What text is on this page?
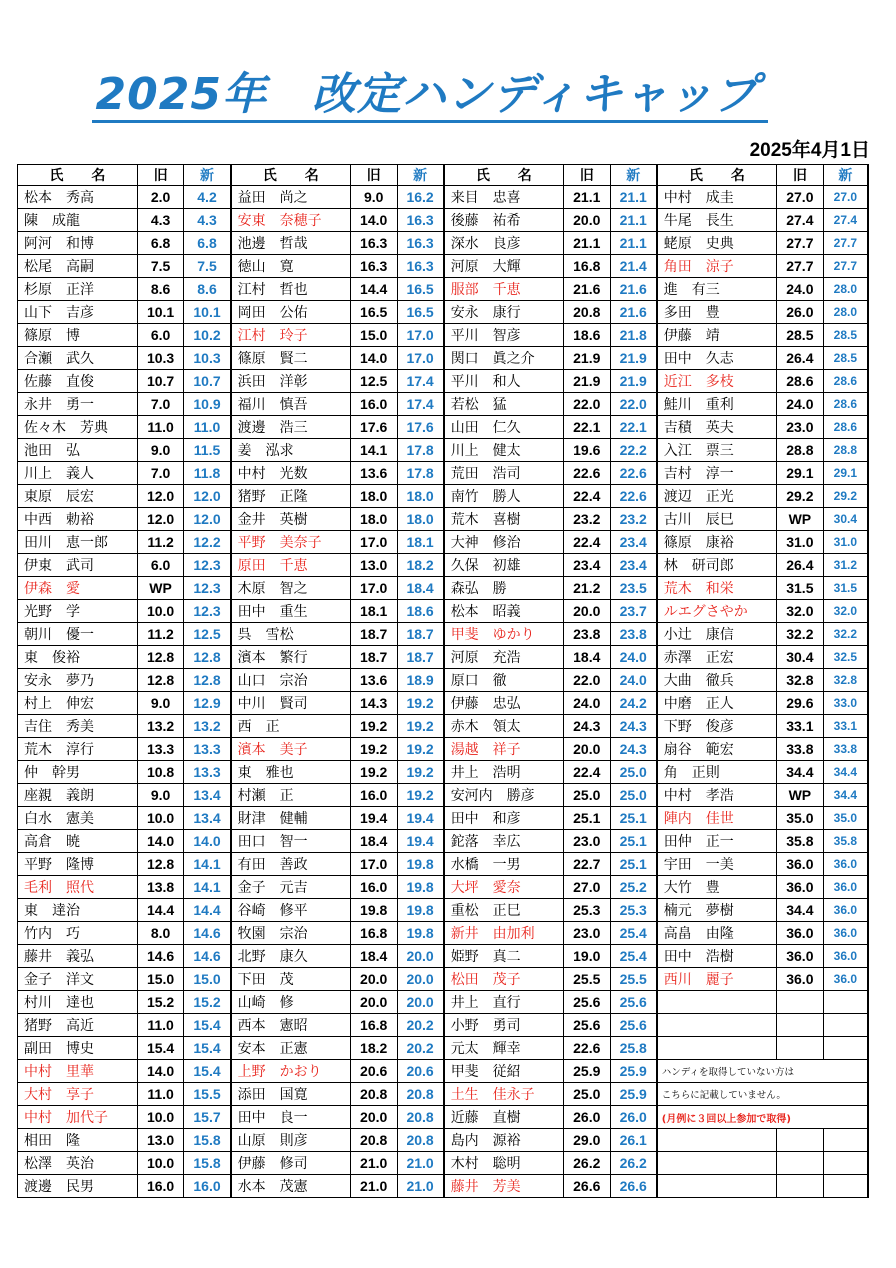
2025年　改定ハンディキャップ
2025年4月1日
氏　　名	旧	新	氏　　名	旧	新	氏　　名	旧	新	氏　　名	旧	新
松本　秀高	2.0	4.2	益田　尚之	9.0	16.2	来目　忠喜	21.1	21.1	中村　成圭	27.0	27.0
陳　成龍	4.3	4.3	安東　奈穂子	14.0	16.3	後藤　祐希	20.0	21.1	牛尾　長生	27.4	27.4
阿河　和博	6.8	6.8	池邊　哲哉	16.3	16.3	深水　良彦	21.1	21.1	蛯原　史典	27.7	27.7
松尾　高嗣	7.5	7.5	徳山　寛	16.3	16.3	河原　大輝	16.8	21.4	角田　涼子	27.7	27.7
杉原　正洋	8.6	8.6	江村　哲也	14.4	16.5	服部　千恵	21.6	21.6	進　有三	24.0	28.0
山下　吉彦	10.1	10.1	岡田　公佑	16.5	16.5	安永　康行	20.8	21.6	多田　豊	26.0	28.0
篠原　博	6.0	10.2	江村　玲子	15.0	17.0	平川　智彦	18.6	21.8	伊藤　靖	28.5	28.5
合瀬　武久	10.3	10.3	篠原　賢二	14.0	17.0	関口　眞之介	21.9	21.9	田中　久志	26.4	28.5
佐藤　直俊	10.7	10.7	浜田　洋彰	12.5	17.4	平川　和人	21.9	21.9	近江　多枝	28.6	28.6
永井　勇一	7.0	10.9	福川　慎吾	16.0	17.4	若松　猛	22.0	22.0	鮭川　重利	24.0	28.6
佐々木　芳典	11.0	11.0	渡邊　浩三	17.6	17.6	山田　仁久	22.1	22.1	吉積　英夫	23.0	28.6
池田　弘	9.0	11.5	姜　泓求	14.1	17.8	川上　健太	19.6	22.2	入江　票三	28.8	28.8
川上　義人	7.0	11.8	中村　光数	13.6	17.8	荒田　浩司	22.6	22.6	吉村　淳一	29.1	29.1
東原　辰宏	12.0	12.0	猪野　正隆	18.0	18.0	南竹　勝人	22.4	22.6	渡辺　正光	29.2	29.2
中西　勅裕	12.0	12.0	金井　英樹	18.0	18.0	荒木　喜樹	23.2	23.2	古川　辰巳	WP	30.4
田川　恵一郎	11.2	12.2	平野　美奈子	17.0	18.1	大神　修治	22.4	23.4	篠原　康裕	31.0	31.0
伊東　武司	6.0	12.3	原田　千恵	13.0	18.2	久保　初雄	23.4	23.4	林　研司郎	26.4	31.2
伊森　愛	WP	12.3	木原　智之	17.0	18.4	森弘　勝	21.2	23.5	荒木　和栄	31.5	31.5
光野　学	10.0	12.3	田中　重生	18.1	18.6	松本　昭義	20.0	23.7	ルエグさやか	32.0	32.0
朝川　優一	11.2	12.5	呉　雪松	18.7	18.7	甲斐　ゆかり	23.8	23.8	小辻　康信	32.2	32.2
東　俊裕	12.8	12.8	濱本　繁行	18.7	18.7	河原　充浩	18.4	24.0	赤澤　正宏	30.4	32.5
安永　夢乃	12.8	12.8	山口　宗治	13.6	18.9	原口　徹	22.0	24.0	大曲　徹兵	32.8	32.8
村上　伸宏	9.0	12.9	中川　賢司	14.3	19.2	伊藤　忠弘	24.0	24.2	中磨　正人	29.6	33.0
吉住　秀美	13.2	13.2	西　正	19.2	19.2	赤木　領太	24.3	24.3	下野　俊彦	33.1	33.1
荒木　淳行	13.3	13.3	濱本　美子	19.2	19.2	湯越　祥子	20.0	24.3	扇谷　範宏	33.8	33.8
仲　幹男	10.8	13.3	東　雅也	19.2	19.2	井上　浩明	22.4	25.0	角　正則	34.4	34.4
座親　義朗	9.0	13.4	村瀬　正	16.0	19.2	安河内　勝彦	25.0	25.0	中村　孝浩	WP	34.4
白水　憲美	10.0	13.4	財津　健輔	19.4	19.4	田中　和彦	25.1	25.1	陣内　佳世	35.0	35.0
高倉　暁	14.0	14.0	田口　智一	18.4	19.4	鉈落　幸広	23.0	25.1	田仲　正一	35.8	35.8
平野　隆博	12.8	14.1	有田　善政	17.0	19.8	水橋　一男	22.7	25.1	宇田　一美	36.0	36.0
毛利　照代	13.8	14.1	金子　元吉	16.0	19.8	大坪　愛奈	27.0	25.2	大竹　豊	36.0	36.0
東　達治	14.4	14.4	谷崎　修平	19.8	19.8	重松　正巳	25.3	25.3	楠元　夢樹	34.4	36.0
竹内　巧	8.0	14.6	牧園　宗治	16.8	19.8	新井　由加利	23.0	25.4	高畠　由隆	36.0	36.0
藤井　義弘	14.6	14.6	北野　康久	18.4	20.0	姫野　真二	19.0	25.4	田中　浩樹	36.0	36.0
金子　洋文	15.0	15.0	下田　茂	20.0	20.0	松田　茂子	25.5	25.5	西川　麗子	36.0	36.0
村川　達也	15.2	15.2	山崎　修	20.0	20.0	井上　直行	25.6	25.6			
猪野　高近	11.0	15.4	西本　憲昭	16.8	20.2	小野　勇司	25.6	25.6			
副田　博史	15.4	15.4	安本　正憲	18.2	20.2	元太　輝幸	22.6	25.8			
中村　里華	14.0	15.4	上野　かおり	20.6	20.6	甲斐　従紹	25.9	25.9	ハンディを取得していない方は		
大村　享子	11.0	15.5	添田　国寛	20.8	20.8	土生　佳永子	25.0	25.9	こちらに記載していません。		
中村　加代子	10.0	15.7	田中　良一	20.0	20.8	近藤　直樹	26.0	26.0	(月例に３回以上参加で取得)		
相田　隆	13.0	15.8	山原　則彦	20.8	20.8	島内　源裕	29.0	26.1			
松澤　英治	10.0	15.8	伊藤　修司	21.0	21.0	木村　聡明	26.2	26.2			
渡邊　民男	16.0	16.0	水本　茂憲	21.0	21.0	藤井　芳美	26.6	26.6			
